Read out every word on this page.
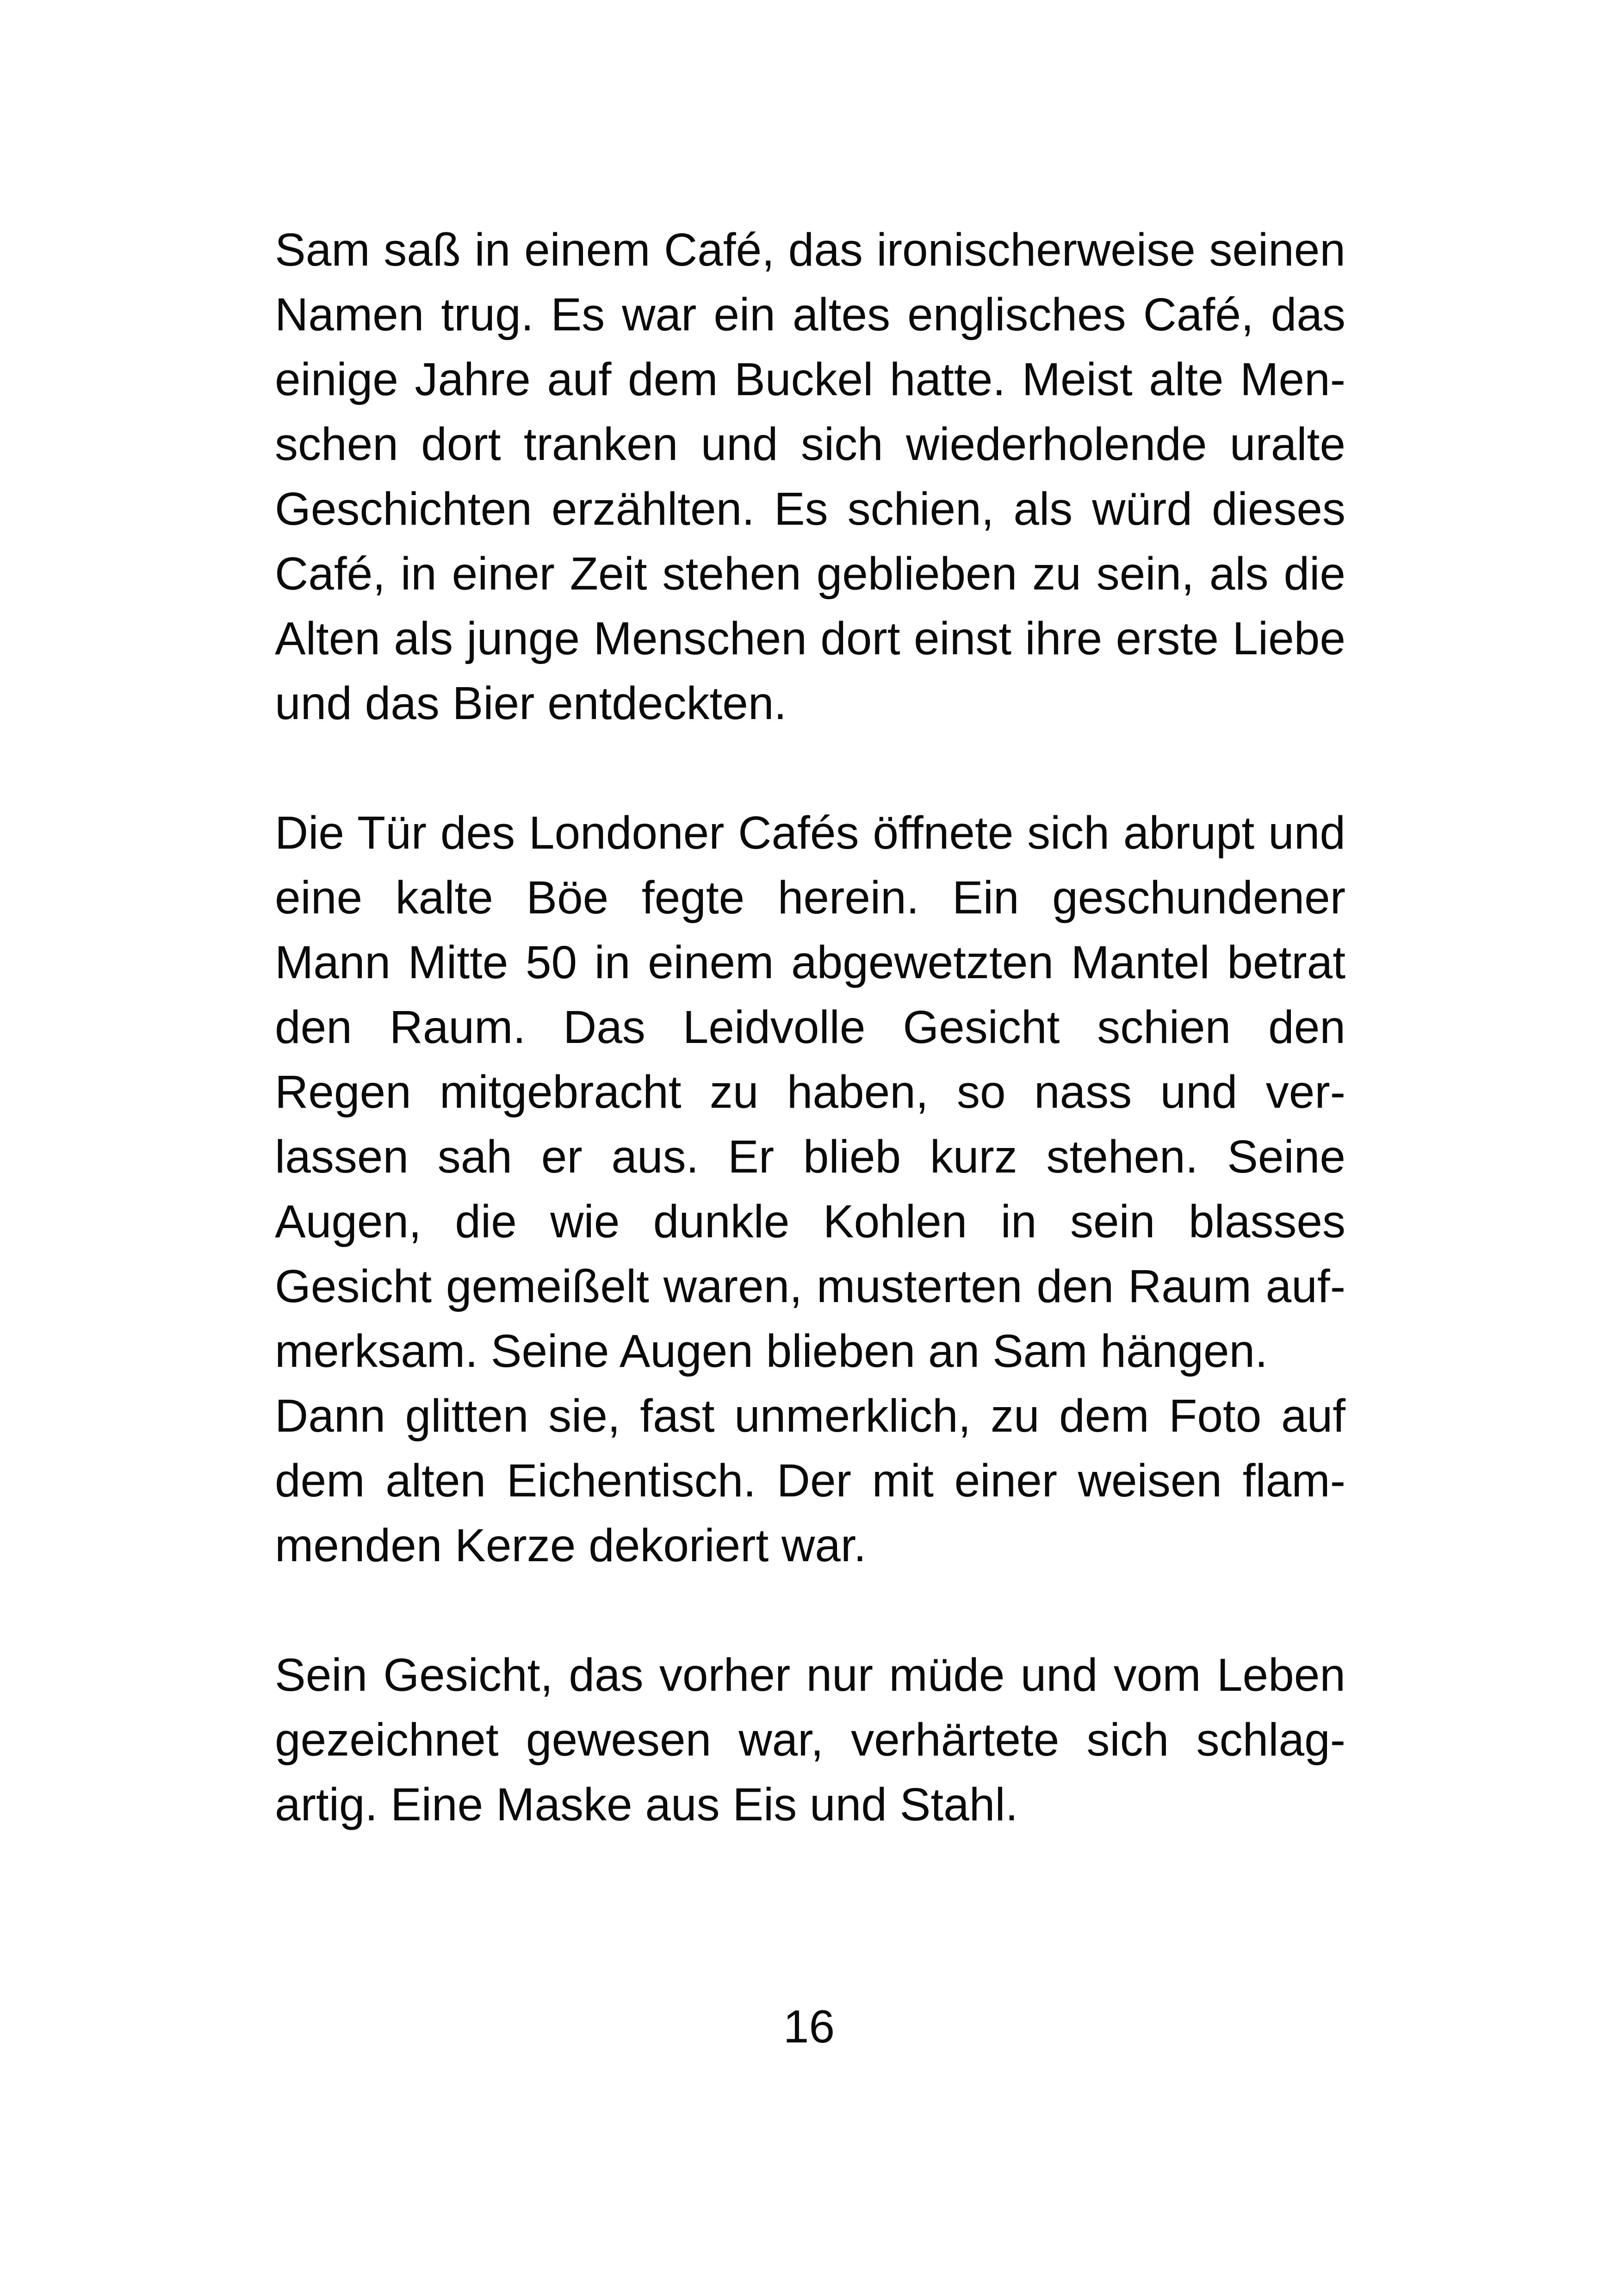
Sam saß in einem Café, das ironischerweise seinen
Namen trug. Es war ein altes englisches Café, das
einige Jahre auf dem Buckel hatte. Meist alte Men-
schen dort tranken und sich wiederholende uralte
Geschichten erzählten. Es schien, als würd dieses
Café, in einer Zeit stehen geblieben zu sein, als die
Alten als junge Menschen dort einst ihre erste Liebe
und das Bier entdeckten.

Die Tür des Londoner Cafés öffnete sich abrupt und
eine kalte Böe fegte herein. Ein geschundener
Mann Mitte 50 in einem abgewetzten Mantel betrat
den Raum. Das Leidvolle Gesicht schien den
Regen mitgebracht zu haben, so nass und ver-
lassen sah er aus. Er blieb kurz stehen. Seine
Augen, die wie dunkle Kohlen in sein blasses
Gesicht gemeißelt waren, musterten den Raum auf-
merksam. Seine Augen blieben an Sam hängen.
Dann glitten sie, fast unmerklich, zu dem Foto auf
dem alten Eichentisch. Der mit einer weisen flam-
menden Kerze dekoriert war.

Sein Gesicht, das vorher nur müde und vom Leben
gezeichnet gewesen war, verhärtete sich schlag-
artig. Eine Maske aus Eis und Stahl.

16
